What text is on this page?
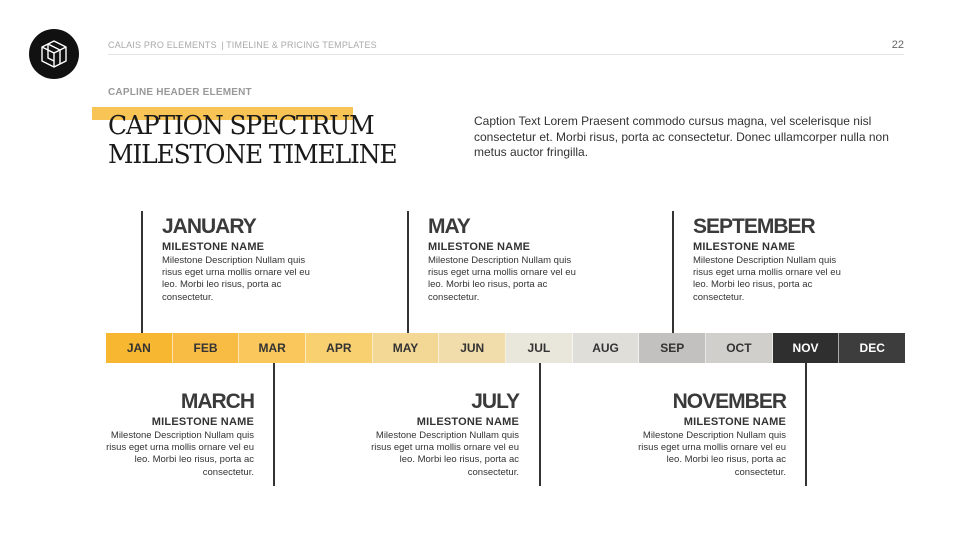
CALAIS PRO ELEMENTS | TIMELINE & PRICING TEMPLATES	22
CAPLINE HEADER ELEMENT
CAPTION SPECTRUM
MILESTONE TIMELINE
Caption Text Lorem Praesent commodo cursus magna, vel scelerisque nisl consectetur et. Morbi risus, porta ac consectetur. Donec ullamcorper nulla non metus auctor fringilla.
JAN	FEB	MAR	APR	MAY	JUN	JUL	AUG	SEP	OCT	NOV	DEC
JANUARY
MILESTONE NAME
Milestone Description Nullam quis risus eget urna mollis ornare vel eu leo. Morbi leo risus, porta ac consectetur.
MAY
MILESTONE NAME
Milestone Description Nullam quis risus eget urna mollis ornare vel eu leo. Morbi leo risus, porta ac consectetur.
SEPTEMBER
MILESTONE NAME
Milestone Description Nullam quis risus eget urna mollis ornare vel eu leo. Morbi leo risus, porta ac consectetur.
MARCH
MILESTONE NAME
Milestone Description Nullam quis risus eget urna mollis ornare vel eu leo. Morbi leo risus, porta ac consectetur.
JULY
MILESTONE NAME
Milestone Description Nullam quis risus eget urna mollis ornare vel eu leo. Morbi leo risus, porta ac consectetur.
NOVEMBER
MILESTONE NAME
Milestone Description Nullam quis risus eget urna mollis ornare vel eu leo. Morbi leo risus, porta ac consectetur.
